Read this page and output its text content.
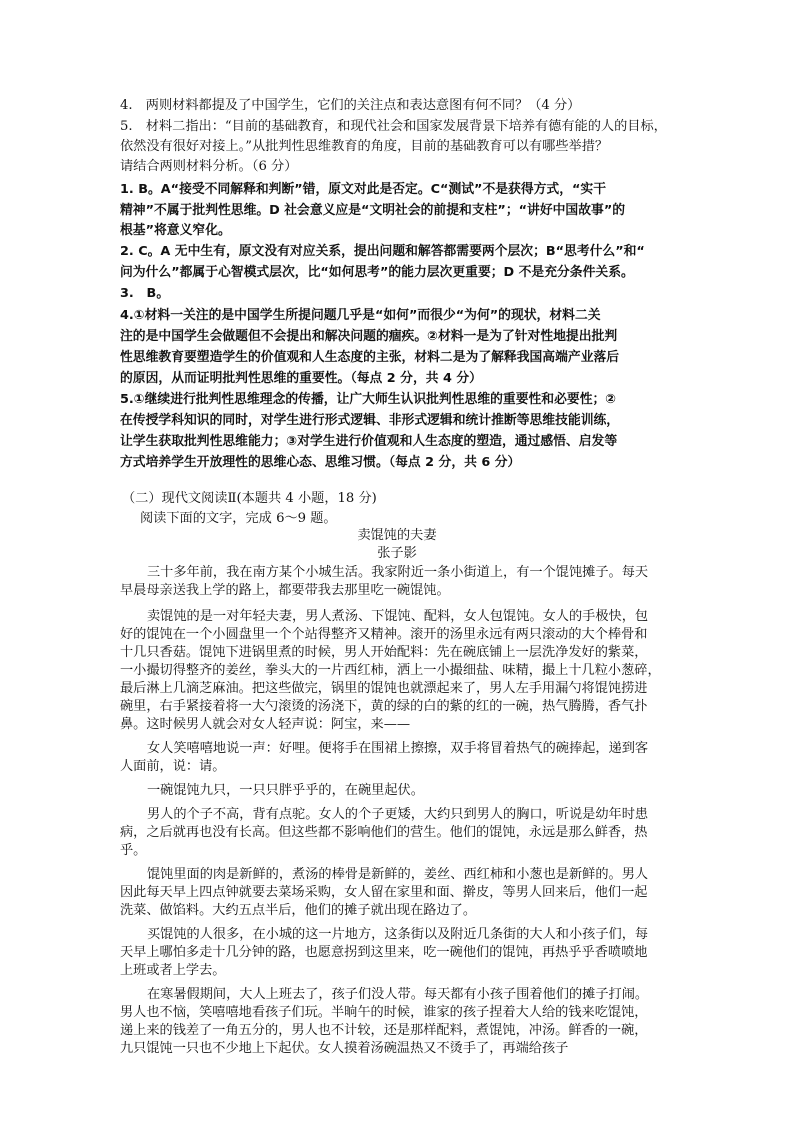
4.　两则材料都提及了中国学生，它们的关注点和表达意图有何不同？（4 分）
5.　材料二指出：“目前的基础教育，和现代社会和国家发展背景下培养有德有能的人的目标，
依然没有很好对接上。”从批判性思维教育的角度，目前的基础教育可以有哪些举措？
请结合两则材料分析。（6 分）
1. B。A“接受不同解释和判断”错，原文对此是否定。C“测试”不是获得方式，“实干
精神”不属于批判性思维。D 社会意义应是“文明社会的前提和支柱”；“讲好中国故事”的
根基”将意义窄化。
2. C。A 无中生有，原文没有对应关系，提出问题和解答都需要两个层次；B“思考什么”和“
问为什么”都属于心智模式层次，比“如何思考”的能力层次更重要；D 不是充分条件关系。
3.　B。
4.①材料一关注的是中国学生所提问题几乎是“如何”而很少“为何”的现状，材料二关
注的是中国学生会做题但不会提出和解决问题的痼疾。②材料一是为了针对性地提出批判
性思维教育要塑造学生的价值观和人生态度的主张，材料二是为了解释我国高端产业落后
的原因，从而证明批判性思维的重要性。（每点 2 分，共 4 分）
5.①继续进行批判性思维理念的传播，让广大师生认识批判性思维的重要性和必要性；②
在传授学科知识的同时，对学生进行形式逻辑、非形式逻辑和统计推断等思维技能训练，
让学生获取批判性思维能力；③对学生进行价值观和人生态度的塑造，通过感悟、启发等
方式培养学生开放理性的思维心态、思维习惯。（每点 2 分，共 6 分）
（二）现代文阅读Ⅱ(本题共 4 小题，18 分)
阅读下面的文字，完成 6～9 题。
卖馄饨的夫妻
张子影
三十多年前，我在南方某个小城生活。我家附近一条小街道上，有一个馄饨摊子。每天
早晨母亲送我上学的路上，都要带我去那里吃一碗馄饨。
卖馄饨的是一对年轻夫妻，男人煮汤、下馄饨、配料，女人包馄饨。女人的手极快，包
好的馄饨在一个小圆盘里一个个站得整齐又精神。滚开的汤里永远有两只滚动的大个棒骨和
十几只香菇。馄饨下进锅里煮的时候，男人开始配料：先在碗底铺上一层洗净发好的紫菜，
一小撮切得整齐的姜丝，拳头大的一片西红柿，洒上一小撮细盐、味精，撮上十几粒小葱碎，
最后淋上几滴芝麻油。把这些做完，锅里的馄饨也就漂起来了，男人左手用漏勺将馄饨捞进
碗里，右手紧接着将一大勺滚烫的汤浇下，黄的绿的白的紫的红的一碗，热气腾腾，香气扑
鼻。这时候男人就会对女人轻声说：阿宝，来——
女人笑嘻嘻地说一声：好哩。便将手在围裙上擦擦，双手将冒着热气的碗捧起，递到客
人面前，说：请。
一碗馄饨九只，一只只胖乎乎的，在碗里起伏。
男人的个子不高，背有点驼。女人的个子更矮，大约只到男人的胸口，听说是幼年时患
病，之后就再也没有长高。但这些都不影响他们的营生。他们的馄饨，永远是那么鲜香，热
乎。
馄饨里面的肉是新鲜的，煮汤的棒骨是新鲜的，姜丝、西红柿和小葱也是新鲜的。男人
因此每天早上四点钟就要去菜场采购，女人留在家里和面、擀皮，等男人回来后，他们一起
洗菜、做馅料。大约五点半后，他们的摊子就出现在路边了。
买馄饨的人很多，在小城的这一片地方，这条街以及附近几条街的大人和小孩子们，每
天早上哪怕多走十几分钟的路，也愿意拐到这里来，吃一碗他们的馄饨，再热乎乎香喷喷地
上班或者上学去。
在寒暑假期间，大人上班去了，孩子们没人带。每天都有小孩子围着他们的摊子打闹。
男人也不恼，笑嘻嘻地看孩子们玩。半晌午的时候，谁家的孩子捏着大人给的钱来吃馄饨，
递上来的钱差了一角五分的，男人也不计较，还是那样配料，煮馄饨，冲汤。鲜香的一碗，
九只馄饨一只也不少地上下起伏。女人摸着汤碗温热又不烫手了，再端给孩子
